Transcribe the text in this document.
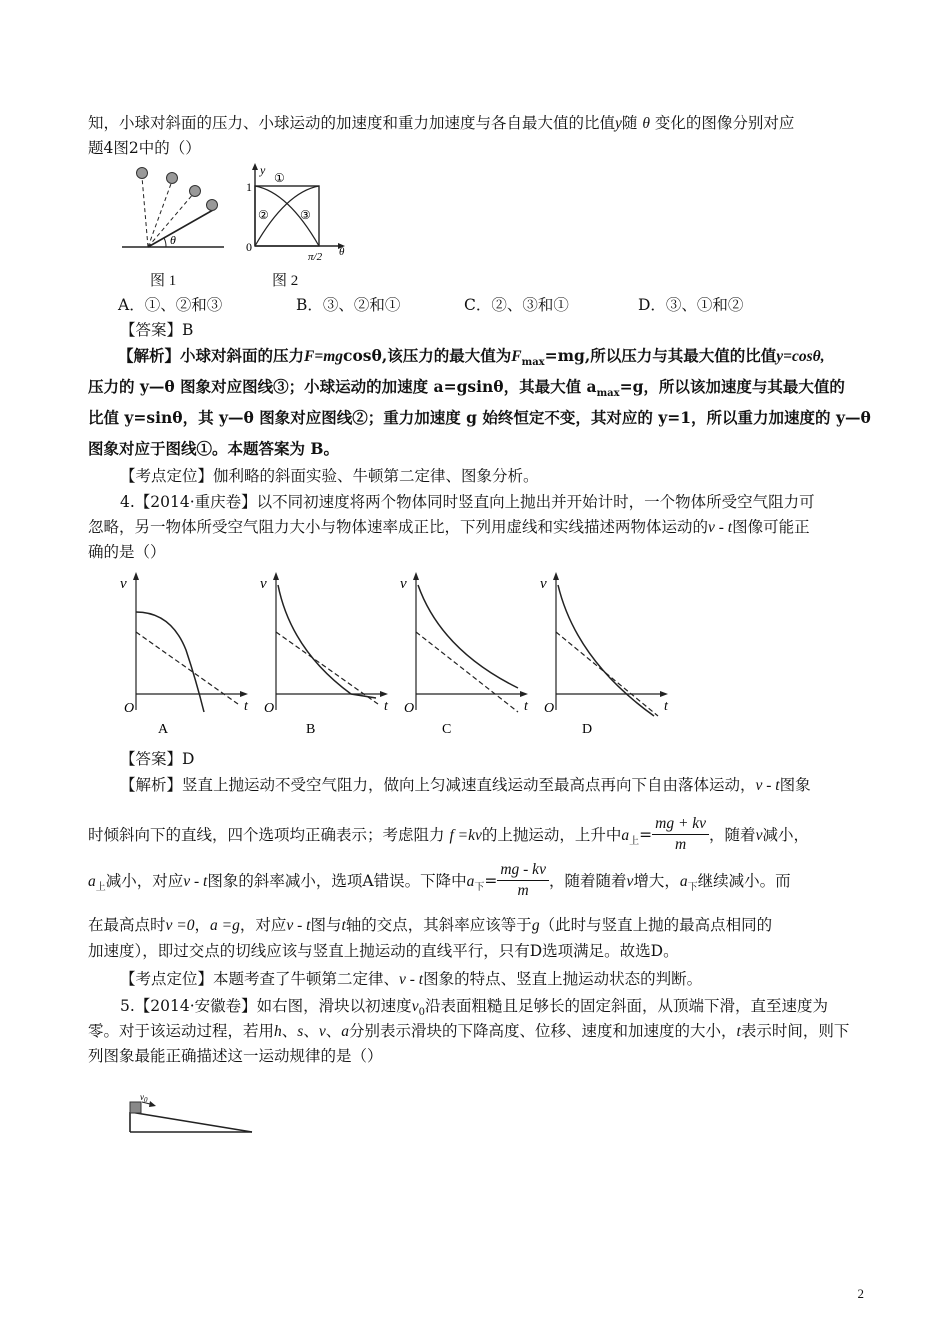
知，小球对斜面的压力、小球运动的加速度和重力加速度与各自最大值的比值y随 θ 变化的图像分别对应
题4图2中的（）
θ
图 1
y
1
0
π/2 θ
①
②	③
图 2
A．①、②和③	B．③、②和①	C．②、③和①	D．③、①和②
【答案】B
【解析】小球对斜面的压力F=mgcosθ,该压力的最大值为$F_{max}=mg$,所以压力与其最大值的比值y=cosθ,
压力的 y—θ 图象对应图线③；小球运动的加速度 a=gsinθ，其最大值 $a_{max}=g$，所以该加速度与其最大值的
比值 y=sinθ，其 y—θ 图象对应图线②；重力加速度 g 始终恒定不变，其对应的 y=1，所以重力加速度的 y—θ
图象对应于图线①。本题答案为 B。
【考点定位】伽利略的斜面实验、牛顿第二定律、图象分析。
4.【2014·重庆卷】以不同初速度将两个物体同时竖直向上抛出并开始计时，一个物体所受空气阻力可
忽略，另一物体所受空气阻力大小与物体速率成正比，下列用虚线和实线描述两物体运动的v - t图像可能正
确的是（）
v
O	t
A
v
O	t
B
v
O	t
C
v
O	t
D
【答案】D
【解析】竖直上抛运动不受空气阻力，做向上匀减速直线运动至最高点再向下自由落体运动，v - t图象
时倾斜向下的直线，四个选项均正确表示；考虑阻力 f =kv的上抛运动，上升中$a_上= \frac{mg + kv}{m}$ ，随着v减小，
$a_上$减小，对应v - t图象的斜率减小，选项A错误。下降中$a_下= \frac{mg - kv}{m}$ ，随着随着v增大，$a_下$继续减小。而
在最高点时v =0，a =g，对应v - t图与t轴的交点，其斜率应该等于g（此时与竖直上抛的最高点相同的
加速度），即过交点的切线应该与竖直上抛运动的直线平行，只有D选项满足。故选D。
【考点定位】本题考查了牛顿第二定律、v - t图象的特点、竖直上抛运动状态的判断。
5.【2014·安徽卷】如右图，滑块以初速度$v_0$沿表面粗糙且足够长的固定斜面，从顶端下滑，直至速度为
零。对于该运动过程，若用h、s、v、a分别表示滑块的下降高度、位移、速度和加速度的大小，t表示时间，则下
列图象最能正确描述这一运动规律的是（）
$v_0$
2
